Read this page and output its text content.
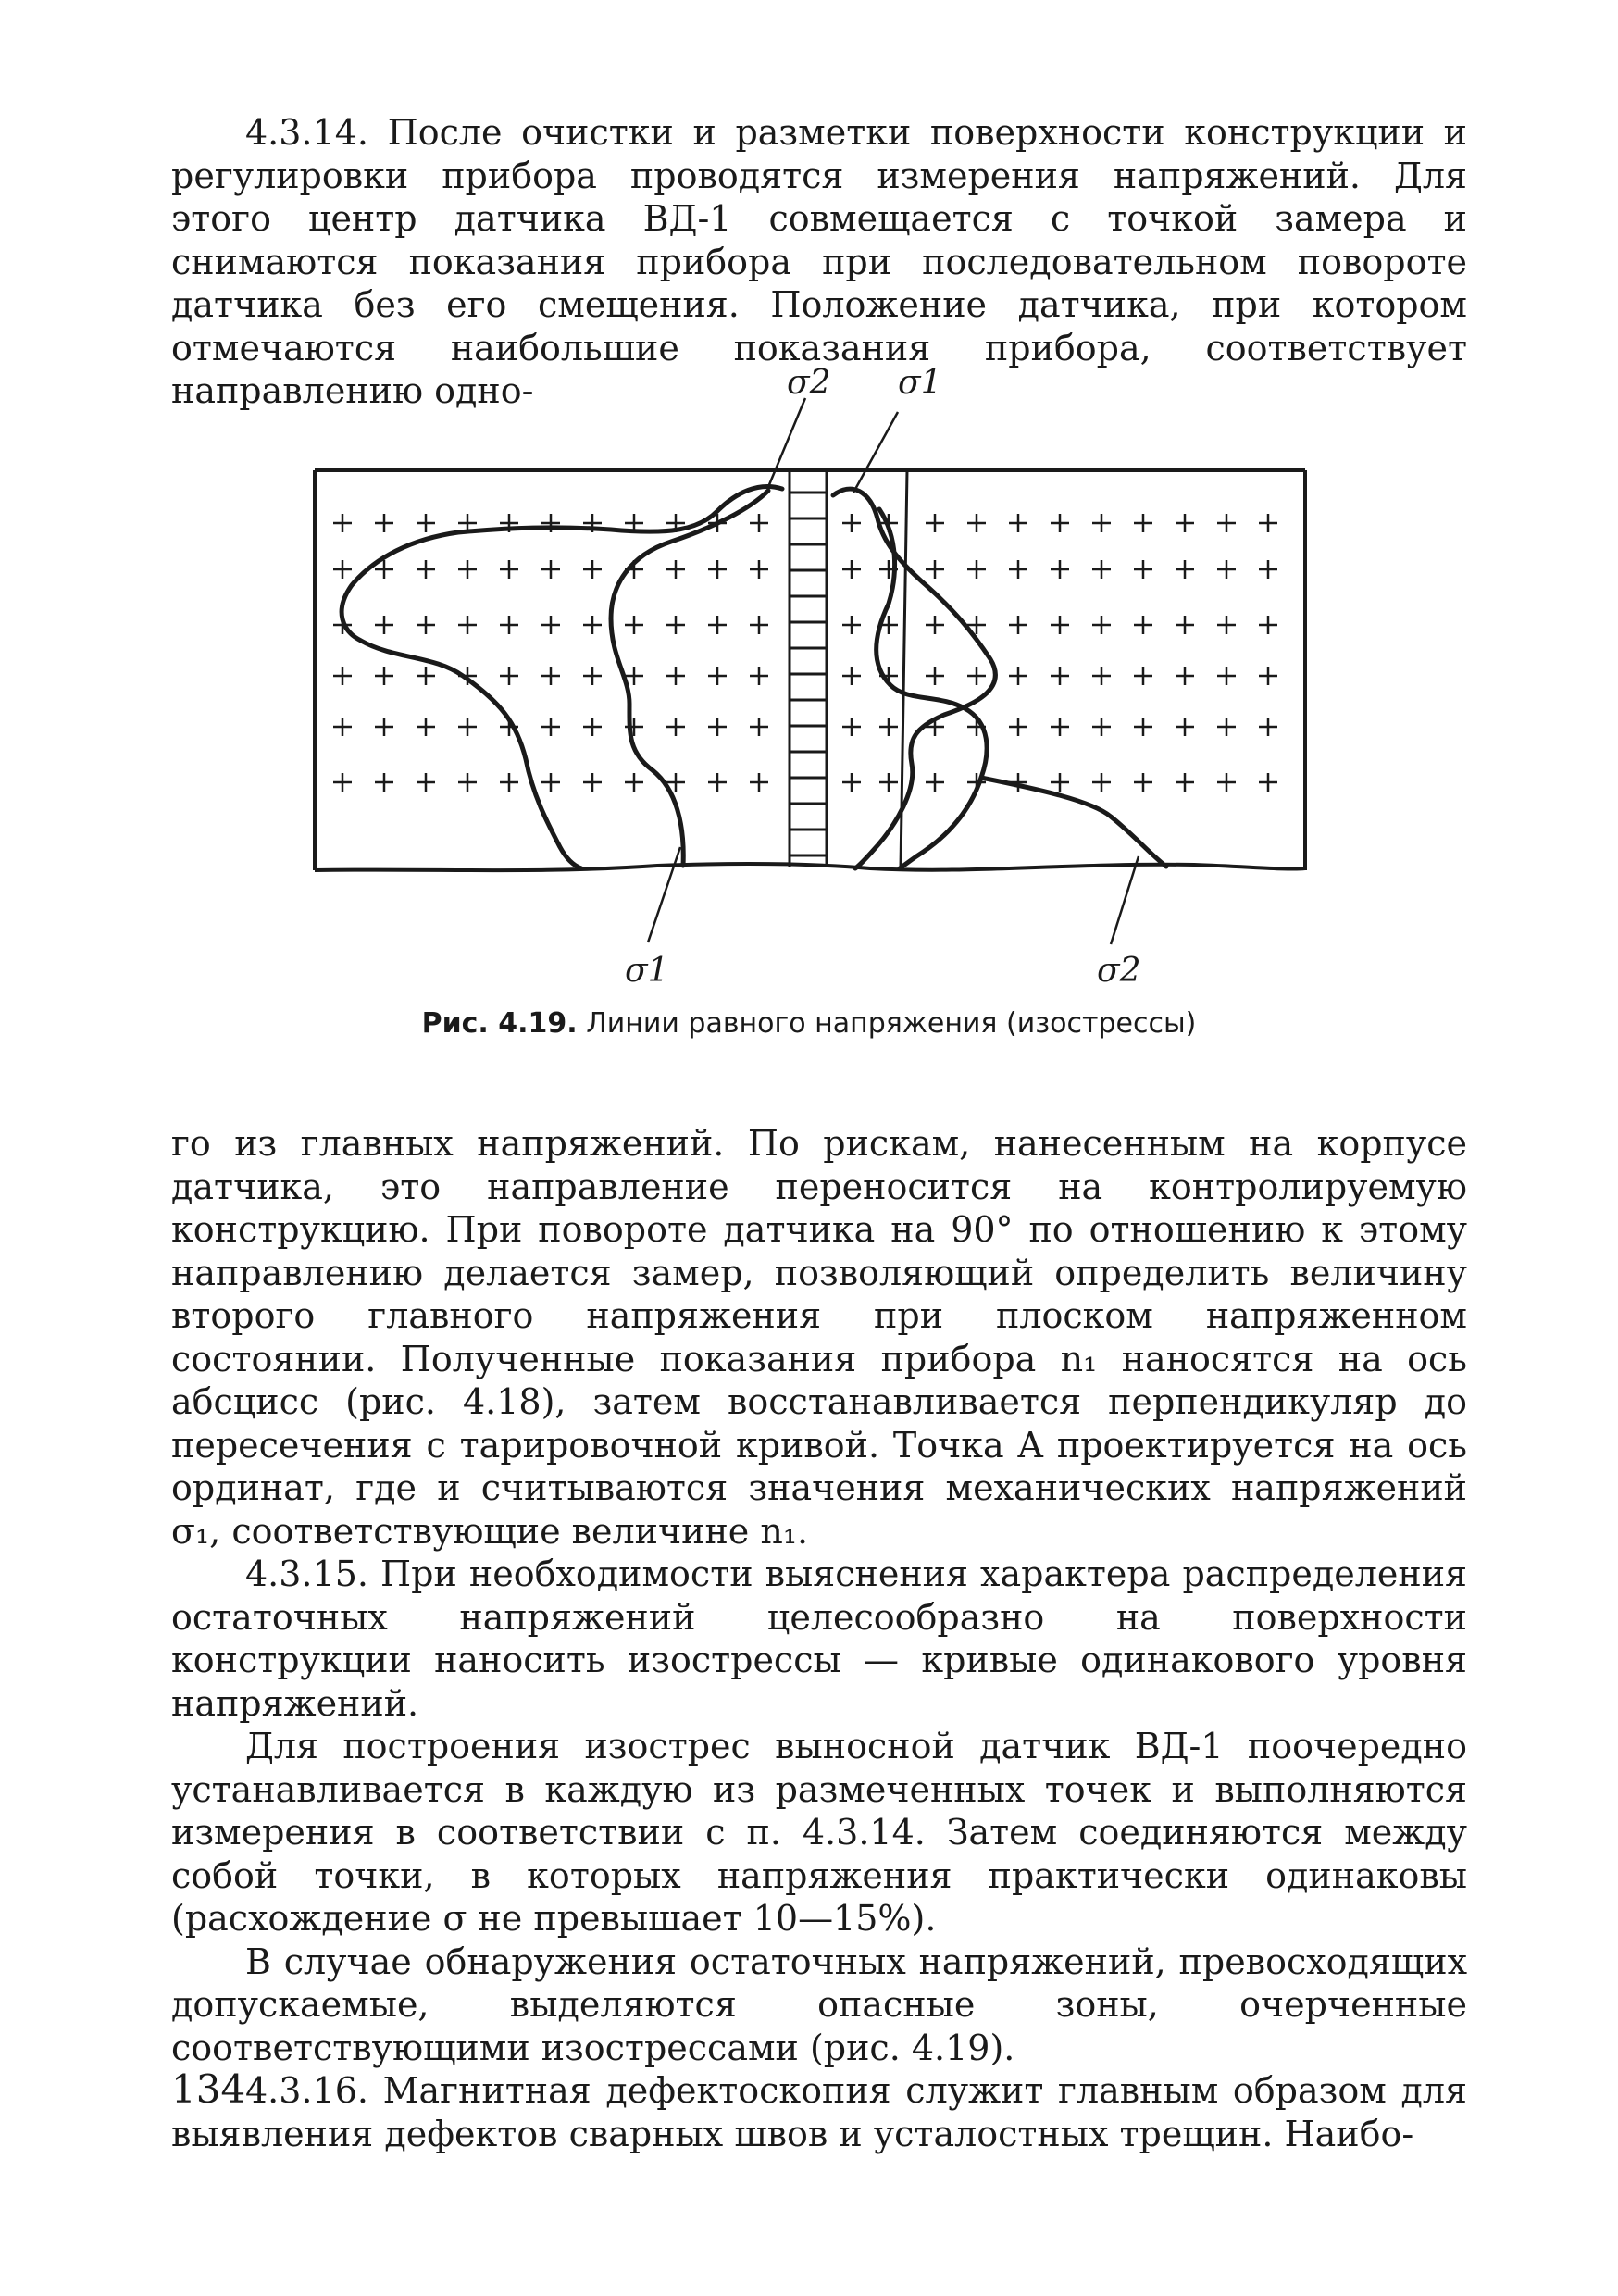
4.3.14. После очистки и разметки поверхности конструкции и регулировки прибора проводятся измерения напряжений. Для этого центр датчика ВД-1 совмещается с точкой замера и снимаются показания прибора при последовательном повороте датчика без его смещения. Положение датчика, при котором отмечаются наибольшие показания прибора, соответствует направлению одно-	σ2 σ1
σ1	σ2
Рис. 4.19. Линии равного напряжения (изострессы)

го из главных напряжений. По рискам, нанесенным на корпусе датчика, это направление переносится на контролируемую конструкцию. При повороте датчика на 90° по отношению к этому направлению делается замер, позволяющий определить величину второго главного напряжения при плоском напряженном состоянии. Полученные показания прибора n₁ наносятся на ось абсцисс (рис. 4.18), затем восстанавливается перпендикуляр до пересечения с тарировочной кривой. Точка A проектируется на ось ординат, где и считываются значения механических напряжений σ₁, соответствующие величине n₁.

4.3.15. При необходимости выяснения характера распределения остаточных напряжений целесообразно на поверхности конструкции наносить изострессы — кривые одинакового уровня напряжений.

Для построения изострес выносной датчик ВД-1 поочередно устанавливается в каждую из размеченных точек и выполняются измерения в соответствии с п. 4.3.14. Затем соединяются между собой точки, в которых напряжения практически одинаковы (расхождение σ не превышает 10—15%).

В случае обнаружения остаточных напряжений, превосходящих допускаемые, выделяются опасные зоны, очерченные соответствующими изострессами (рис. 4.19).

4.3.16. Магнитная дефектоскопия служит главным образом для выявления дефектов сварных швов и усталостных трещин. Наибо-

134
